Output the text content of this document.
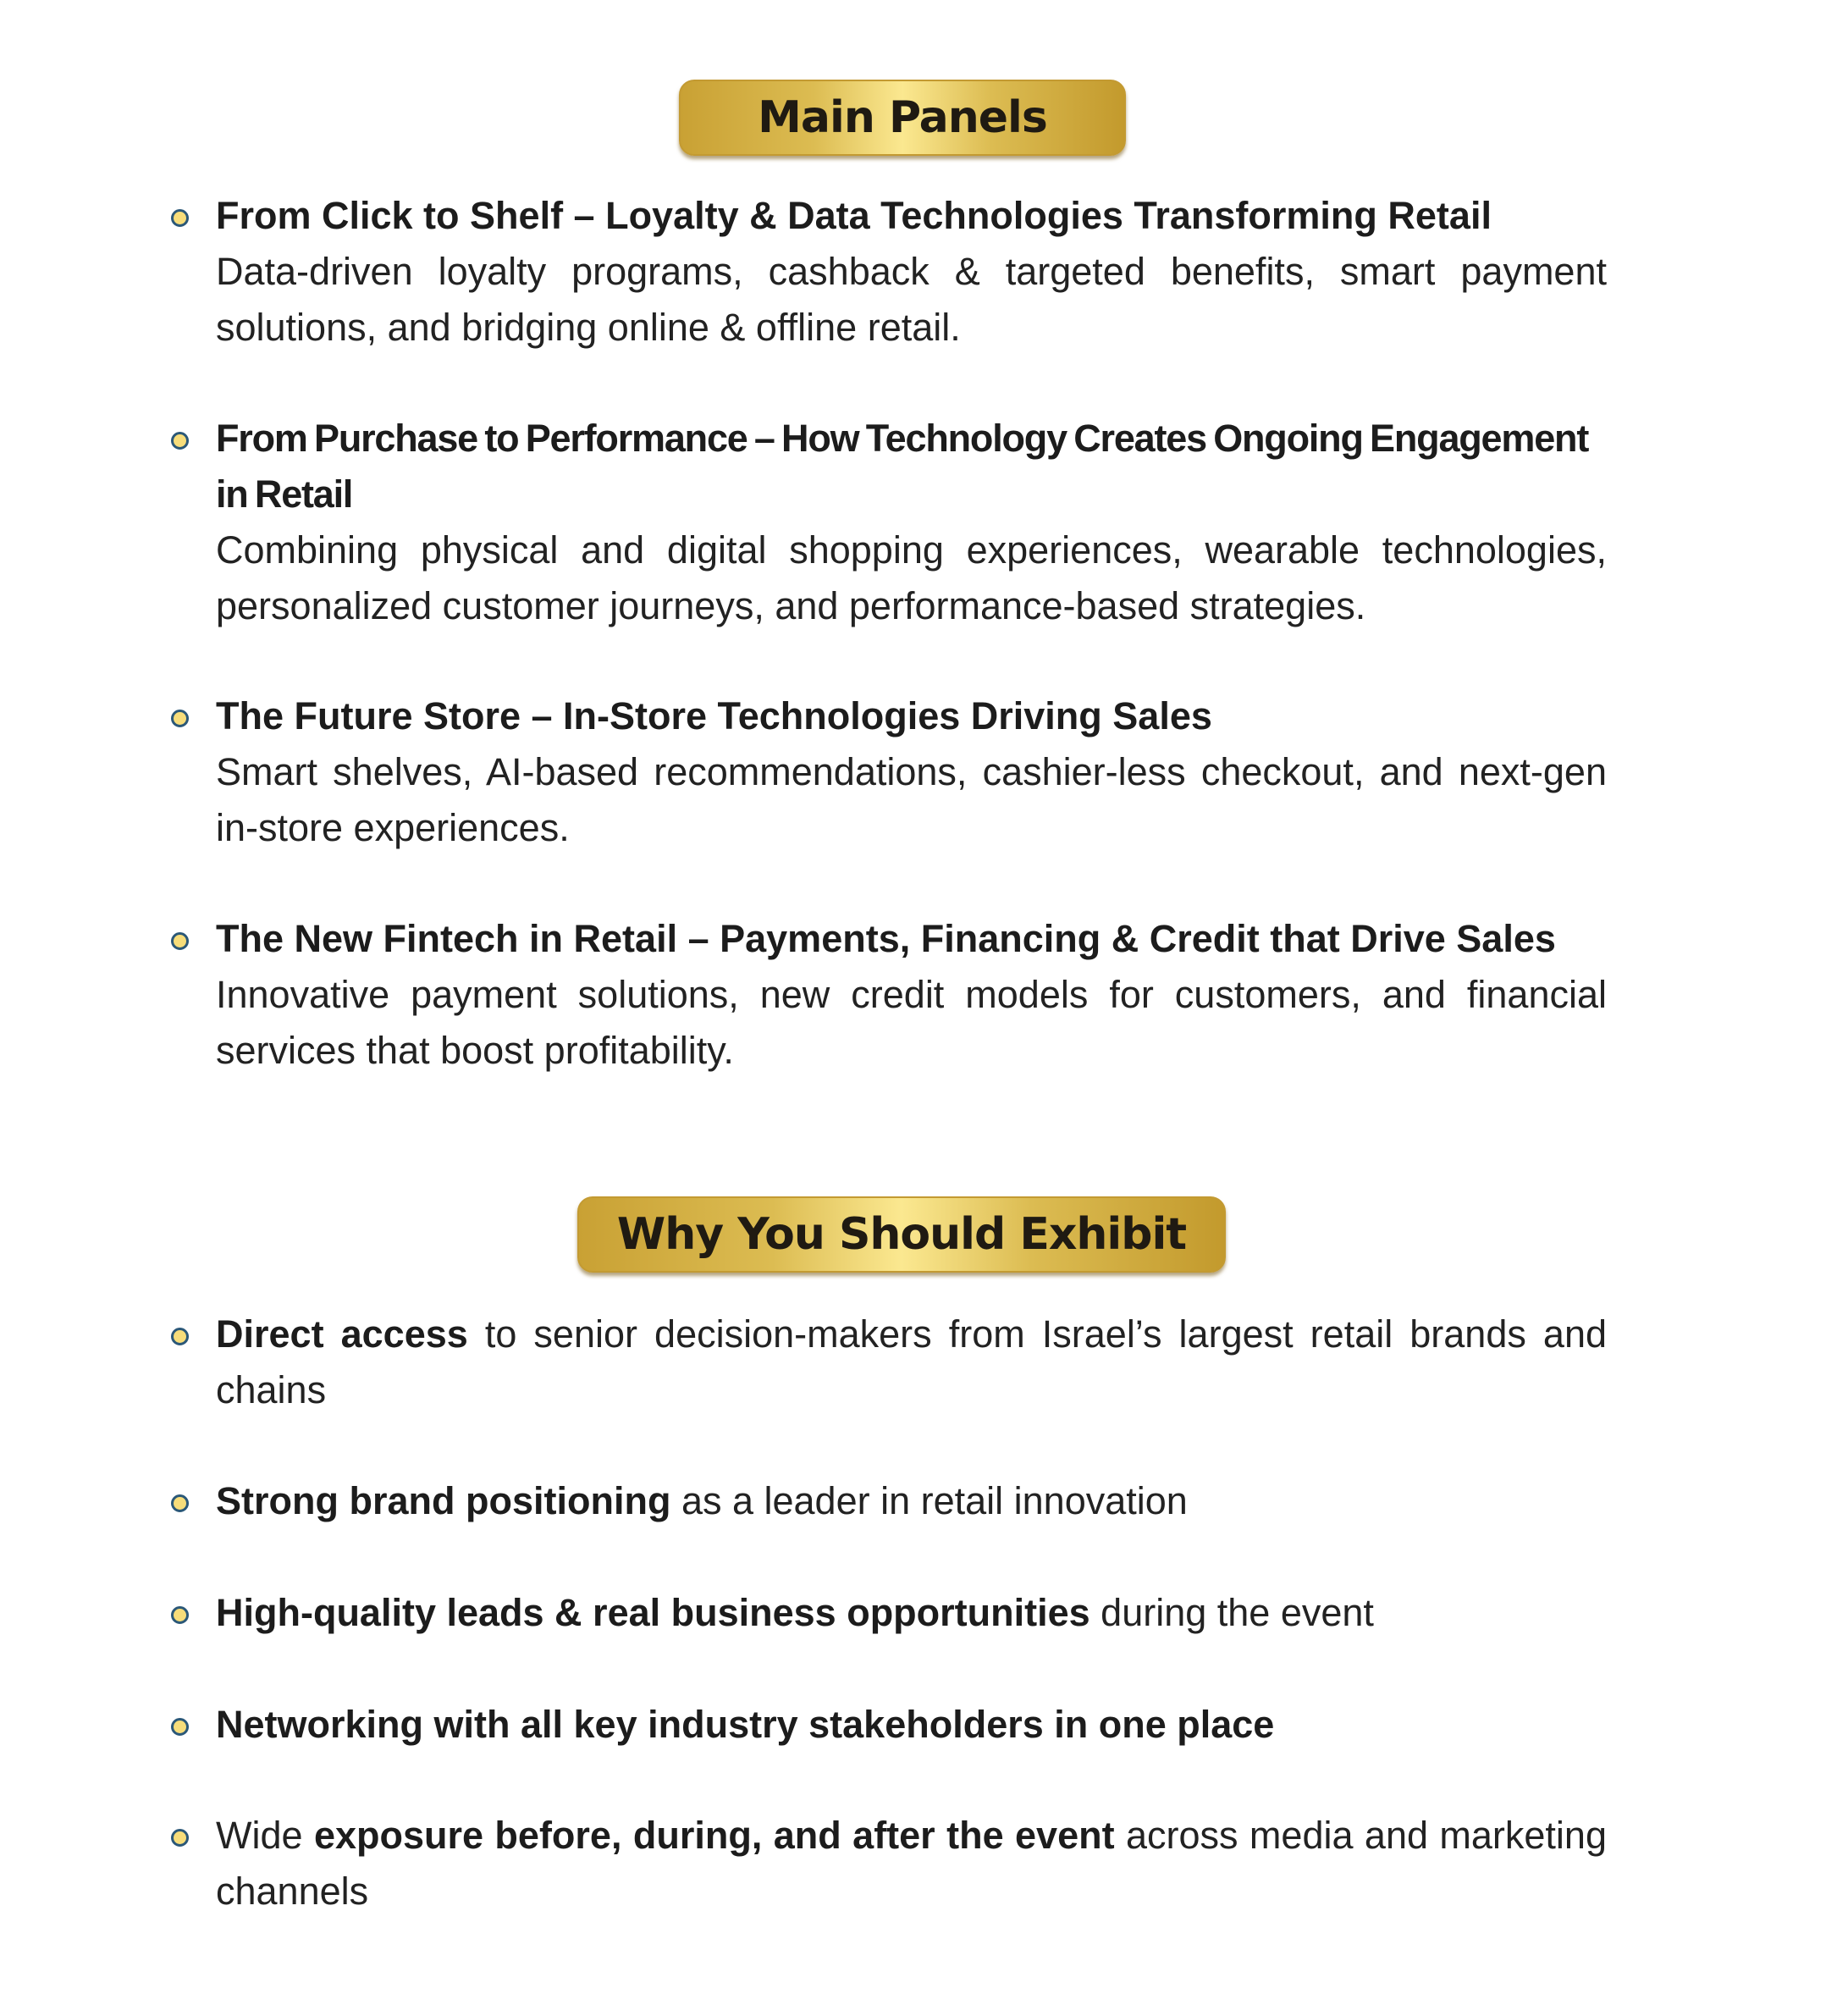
Main Panels
From Click to Shelf – Loyalty & Data Technologies Transforming Retail
Data-driven loyalty programs, cashback & targeted benefits, smart payment solutions, and bridging online & offline retail.
From Purchase to Performance – How Technology Creates Ongoing Engagement in Retail
Combining physical and digital shopping experiences, wearable technologies, personalized customer journeys, and performance-based strategies.
The Future Store – In-Store Technologies Driving Sales
Smart shelves, AI-based recommendations, cashier-less checkout, and next-gen in-store experiences.
The New Fintech in Retail – Payments, Financing & Credit that Drive Sales
Innovative payment solutions, new credit models for customers, and financial services that boost profitability.
Why You Should Exhibit
Direct access to senior decision-makers from Israel’s largest retail brands and chains
Strong brand positioning as a leader in retail innovation
High-quality leads & real business opportunities during the event
Networking with all key industry stakeholders in one place
Wide exposure before, during, and after the event across media and marketing channels
